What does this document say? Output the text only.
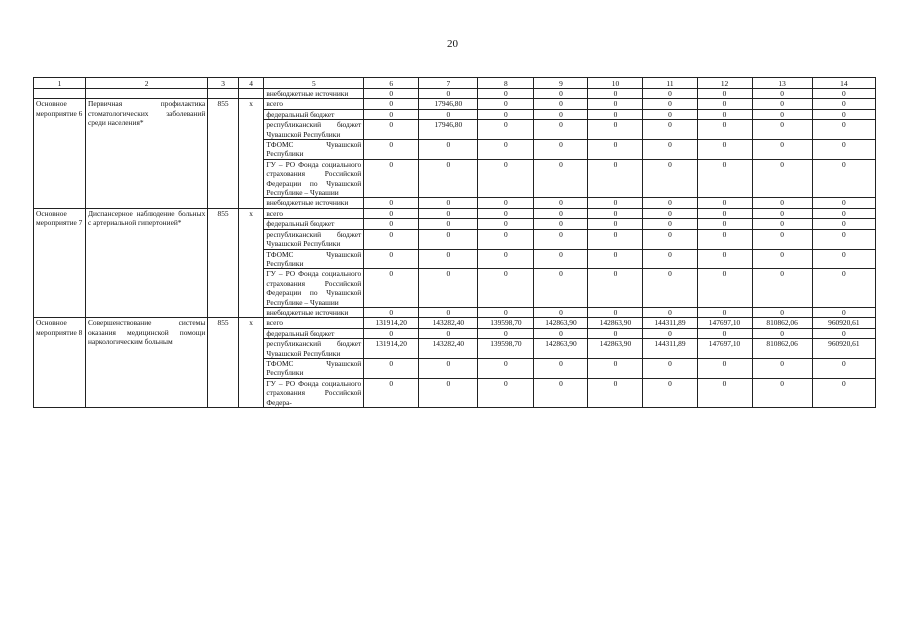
20
1	2	3	4	5	6	7	8	9	10	11	12	13	14
				внебюджетные источники	0	0	0	0	0	0	0	0	0
Основное мероприятие 6	Первичная профилактика стоматологических заболеваний среди населения*	855	x	всего	0	17946,80	0	0	0	0	0	0	0
				федеральный бюджет	0	0	0	0	0	0	0	0	0
				республиканский бюджет Чувашской Республики	0	17946,80	0	0	0	0	0	0	0
				ТФОМС Чувашской Республики	0	0	0	0	0	0	0	0	0
				ГУ – РО Фонда социального страхования Российской Федерации по Чувашской Республике – Чувашии	0	0	0	0	0	0	0	0	0
				внебюджетные источники	0	0	0	0	0	0	0	0	0
Основное мероприятие 7	Диспансерное наблюдение больных с артериальной гипертонией*	855	x	всего	0	0	0	0	0	0	0	0	0
				федеральный бюджет	0	0	0	0	0	0	0	0	0
				республиканский бюджет Чувашской Республики	0	0	0	0	0	0	0	0	0
				ТФОМС Чувашской Республики	0	0	0	0	0	0	0	0	0
				ГУ – РО Фонда социального страхования Российской Федерации по Чувашской Республике – Чувашии	0	0	0	0	0	0	0	0	0
				внебюджетные источники	0	0	0	0	0	0	0	0	0
Основное мероприятие 8	Совершенствование системы оказания медицинской помощи наркологическим больным	855	x	всего	131914,20	143282,40	139598,70	142863,90	142863,90	144311,89	147697,10	810862,06	960920,61
				федеральный бюджет	0	0	0	0	0	0	0	0	0
				республиканский бюджет Чувашской Республики	131914,20	143282,40	139598,70	142863,90	142863,90	144311,89	147697,10	810862,06	960920,61
				ТФОМС Чувашской Республики	0	0	0	0	0	0	0	0	0
				ГУ – РО Фонда социального страхования Российской Федера-	0	0	0	0	0	0	0	0	0
